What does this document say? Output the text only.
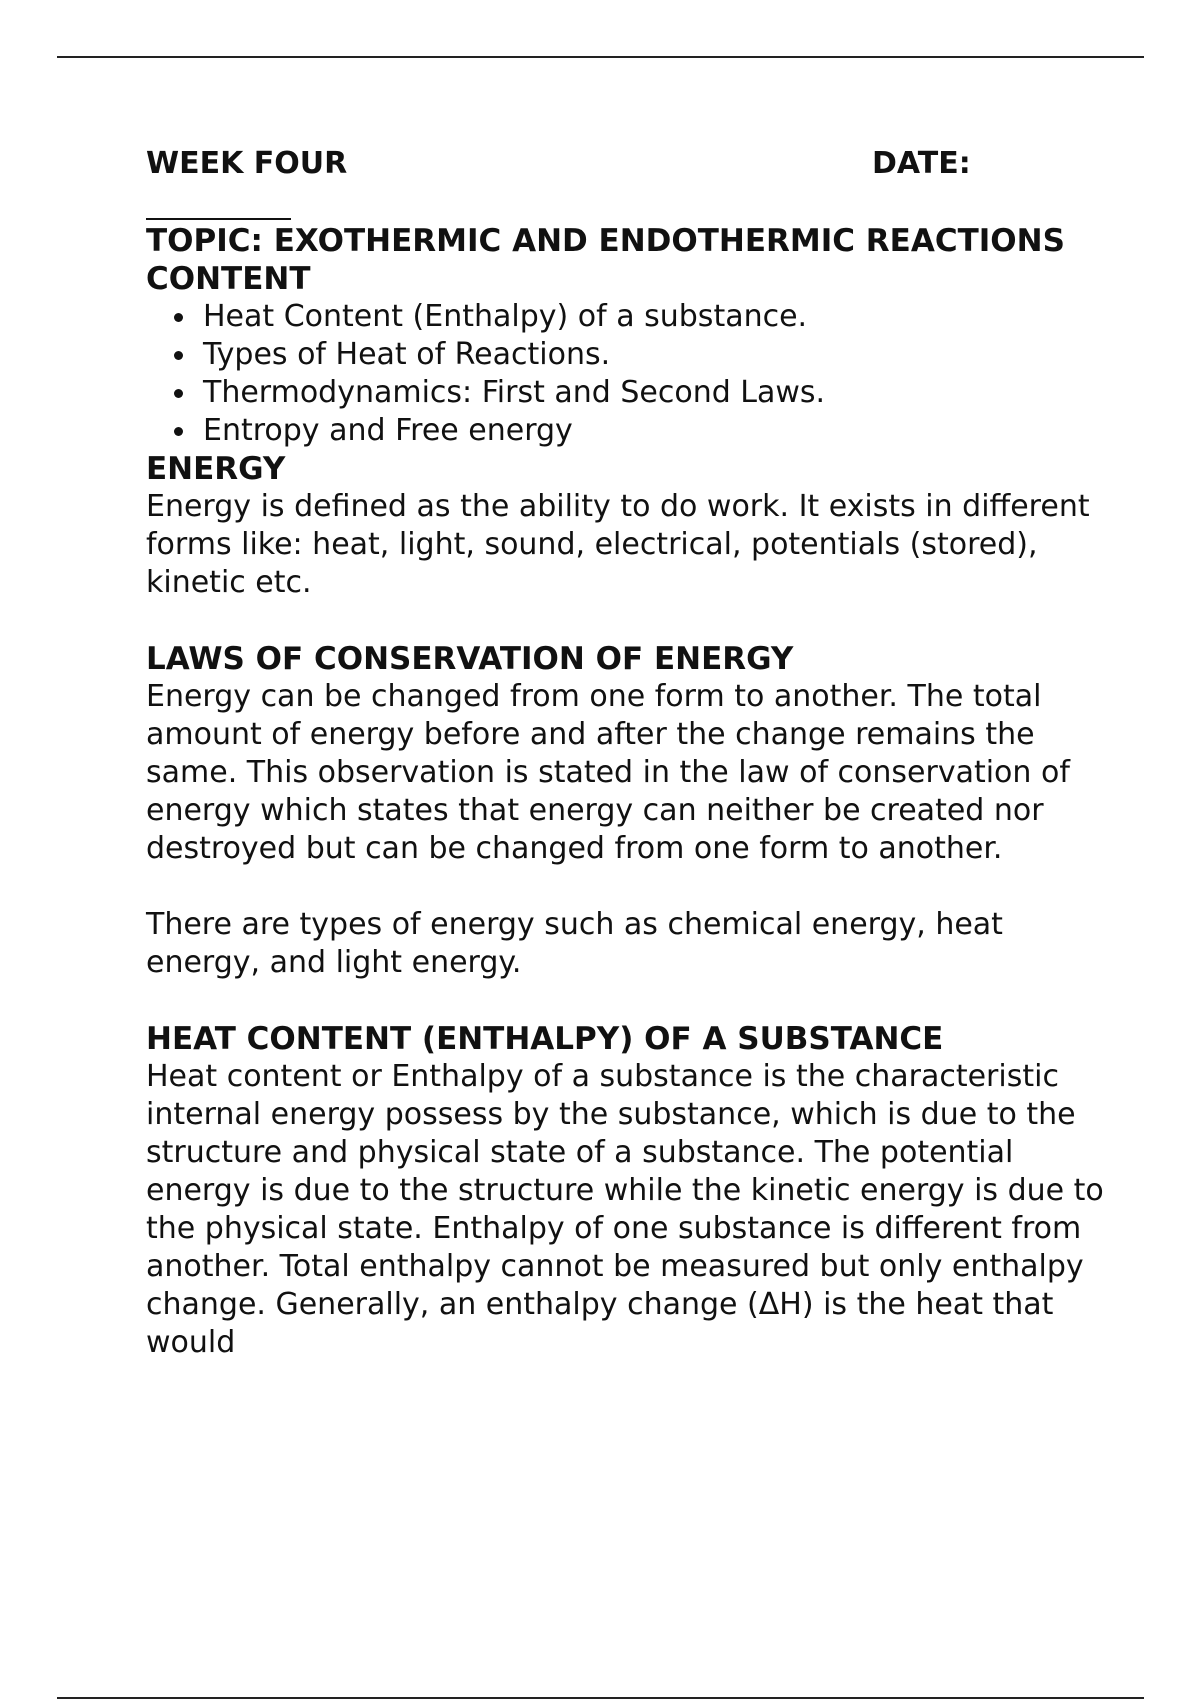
WEEK FOUR	DATE:
TOPIC: EXOTHERMIC AND ENDOTHERMIC REACTIONS
CONTENT
Heat Content (Enthalpy) of a substance.
Types of Heat of Reactions.
Thermodynamics: First and Second Laws.
Entropy and Free energy
ENERGY

Energy is defined as the ability to do work. It exists in different forms like: heat, light, sound, electrical, potentials (stored), kinetic etc.

LAWS OF CONSERVATION OF ENERGY

Energy can be changed from one form to another. The total amount of energy before and after the change remains the same. This observation is stated in the law of conservation of energy which states that energy can neither be created nor destroyed but can be changed from one form to another.

There are types of energy such as chemical energy, heat energy, and light energy.

HEAT CONTENT (ENTHALPY) OF A SUBSTANCE

Heat content or Enthalpy of a substance is the characteristic internal energy possess by the substance, which is due to the structure and physical state of a substance. The potential energy is due to the structure while the kinetic energy is due to the physical state. Enthalpy of one substance is different from another. Total enthalpy cannot be measured but only enthalpy change. Generally, an enthalpy change (ΔH) is the heat that would
